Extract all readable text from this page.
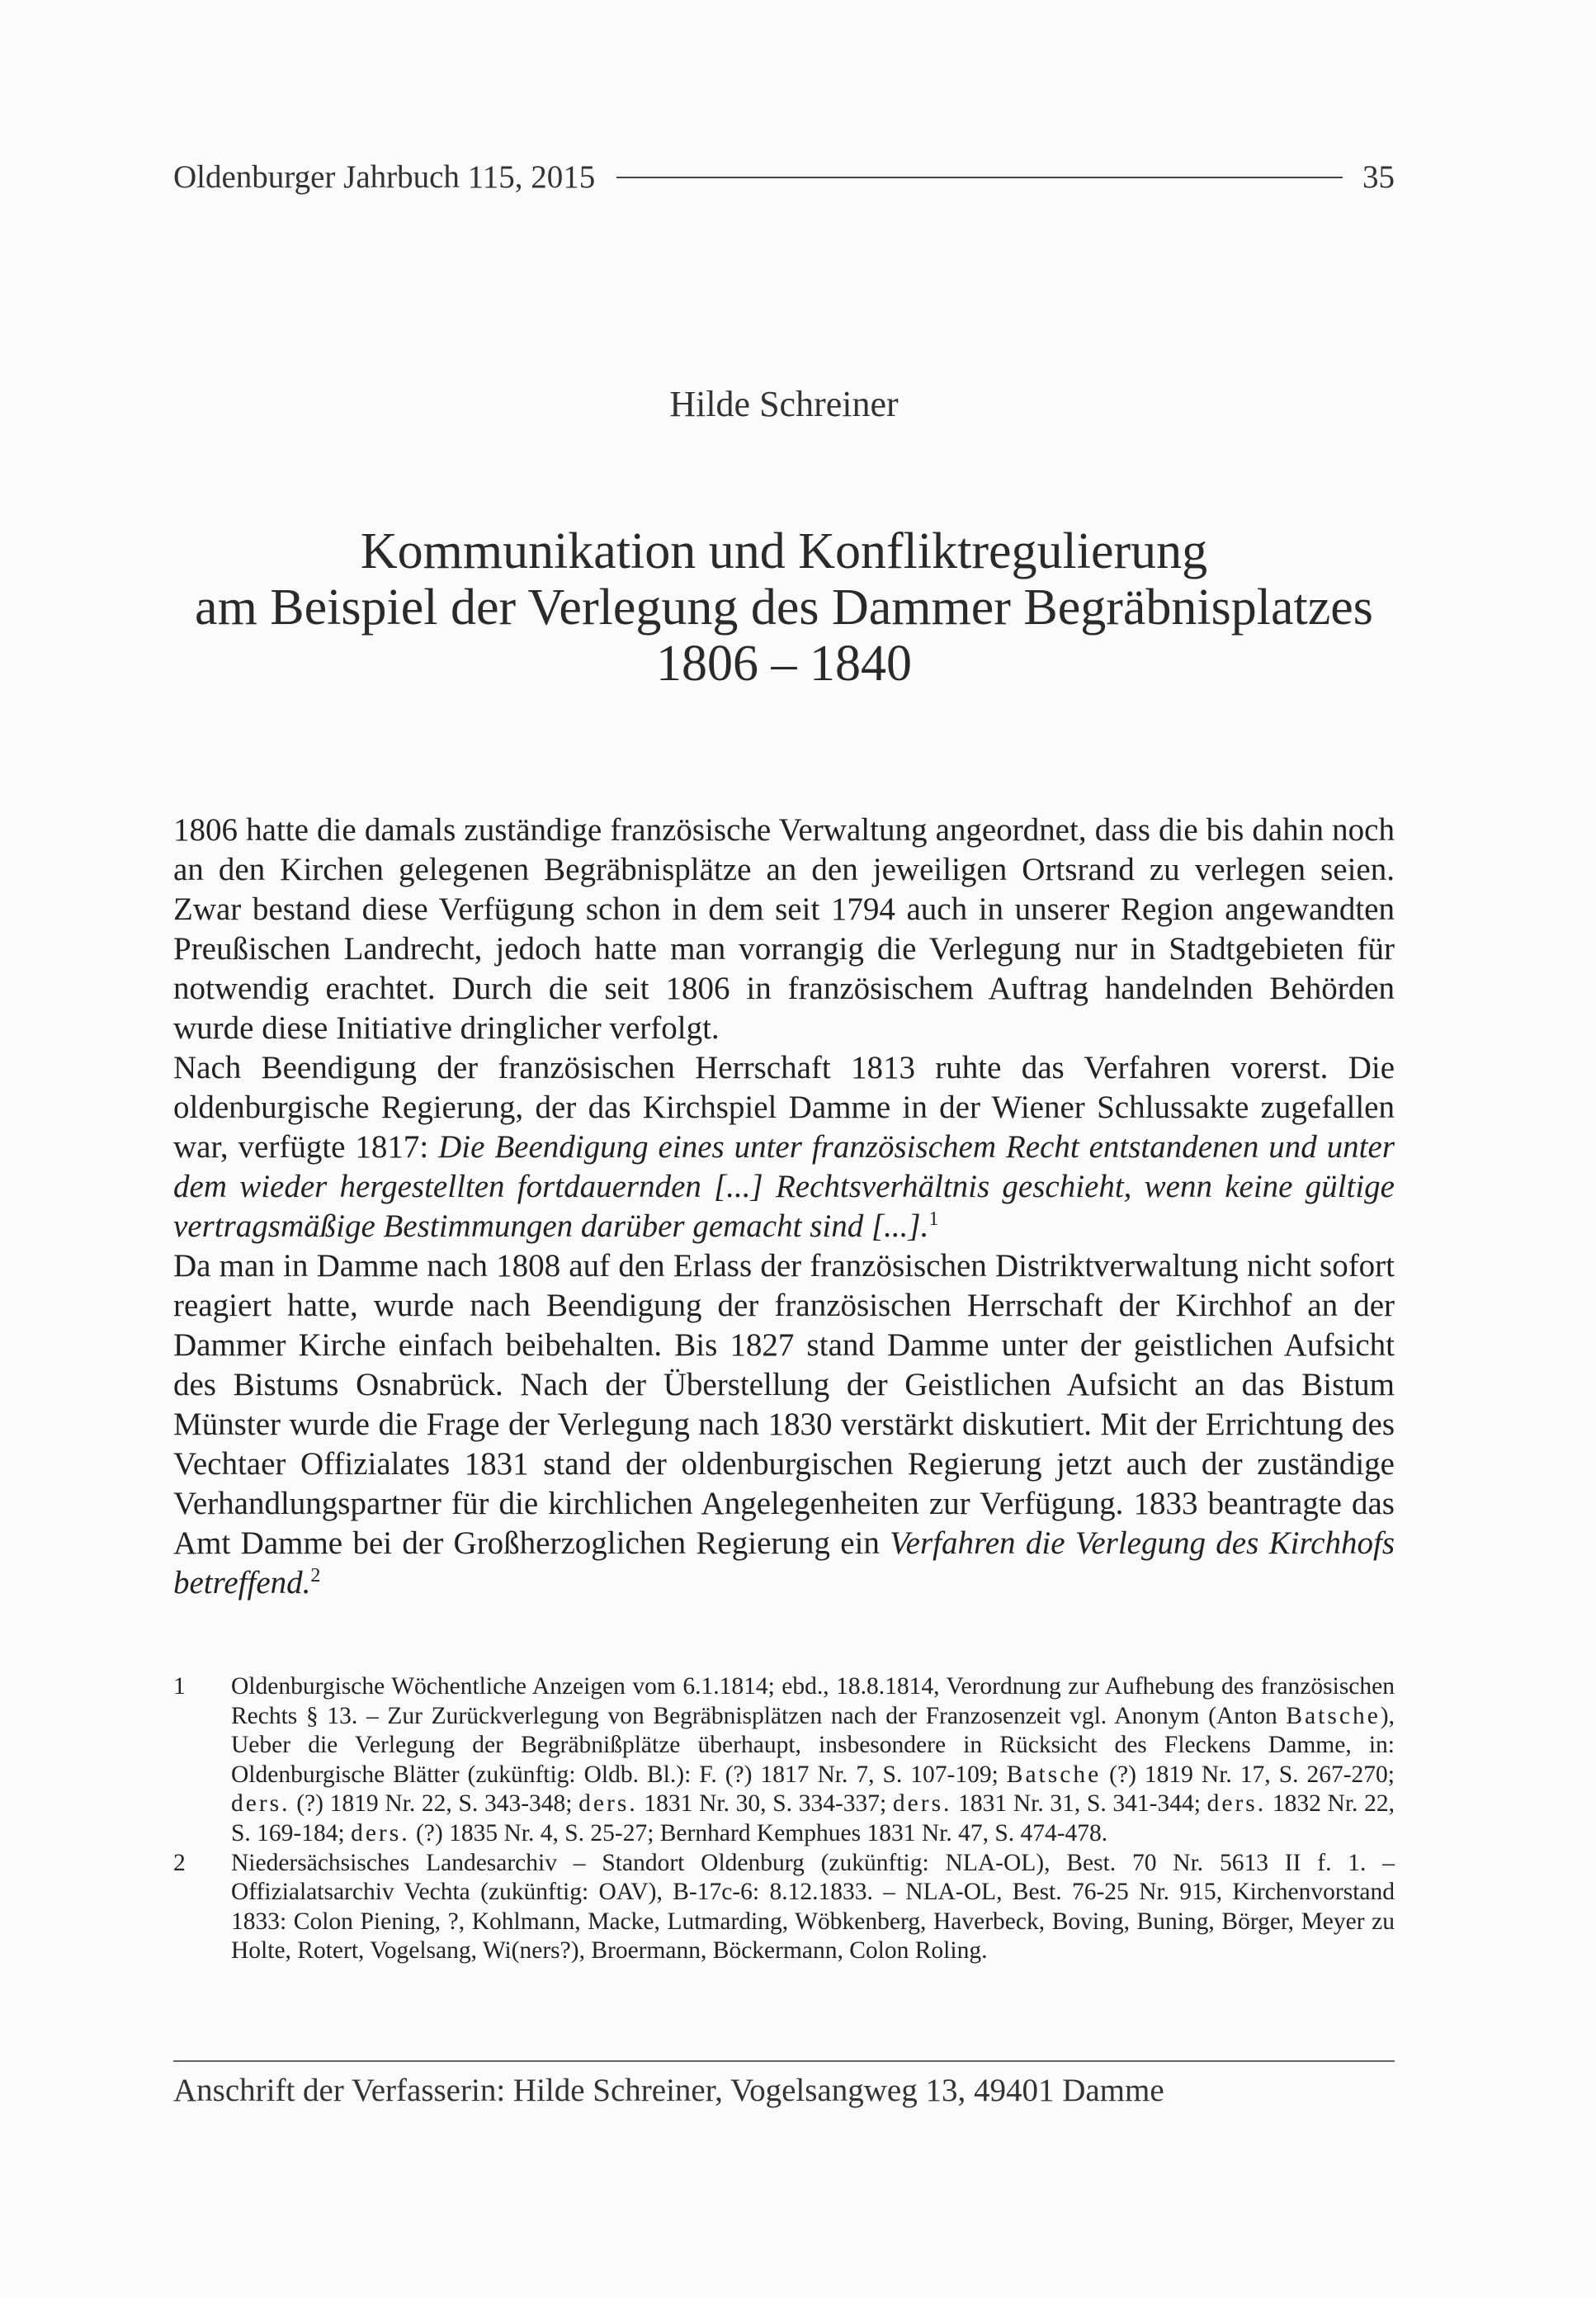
Oldenburger Jahrbuch 115, 2015	35
Hilde Schreiner
Kommunikation und Konfliktregulierung
am Beispiel der Verlegung des Dammer Begräbnisplatzes
1806 – 1840

1806 hatte die damals zuständige französische Verwaltung angeordnet, dass die bis dahin noch an den Kirchen gelegenen Begräbnisplätze an den jeweiligen Ortsrand zu verlegen seien. Zwar bestand diese Verfügung schon in dem seit 1794 auch in unserer Region angewandten Preußischen Landrecht, jedoch hatte man vorrangig die Verlegung nur in Stadtgebieten für notwendig erachtet. Durch die seit 1806 in französischem Auftrag handelnden Behörden wurde diese Initiative dringlicher verfolgt.

Nach Beendigung der französischen Herrschaft 1813 ruhte das Verfahren vorerst. Die oldenburgische Regierung, der das Kirchspiel Damme in der Wiener Schlussakte zugefallen war, verfügte 1817: Die Beendigung eines unter französischem Recht entstandenen und unter dem wieder hergestellten fortdauernden [...] Rechtsverhältnis geschieht, wenn keine gültige vertragsmäßige Bestimmungen darüber gemacht sind [...].$^1$

Da man in Damme nach 1808 auf den Erlass der französischen Distriktverwaltung nicht sofort reagiert hatte, wurde nach Beendigung der französischen Herrschaft der Kirchhof an der Dammer Kirche einfach beibehalten. Bis 1827 stand Damme unter der geistlichen Aufsicht des Bistums Osnabrück. Nach der Überstellung der Geistlichen Aufsicht an das Bistum Münster wurde die Frage der Verlegung nach 1830 verstärkt diskutiert. Mit der Errichtung des Vechtaer Offizialates 1831 stand der oldenburgischen Regierung jetzt auch der zuständige Verhandlungspartner für die kirchlichen Angelegenheiten zur Verfügung. 1833 beantragte das Amt Damme bei der Großherzoglichen Regierung ein Verfahren die Verlegung des Kirchhofs betreffend.$^2$

1	Oldenburgische Wöchentliche Anzeigen vom 6.1.1814; ebd., 18.8.1814, Verordnung zur Aufhebung des französischen Rechts § 13. – Zur Zurückverlegung von Begräbnisplätzen nach der Franzosenzeit vgl. Anonym (Anton Batsche), Ueber die Verlegung der Begräbnißplätze überhaupt, insbesondere in Rücksicht des Fleckens Damme, in: Oldenburgische Blätter (zukünftig: Oldb. Bl.): F. (?) 1817 Nr. 7, S. 107-109; Batsche (?) 1819 Nr. 17, S. 267-270; ders. (?) 1819 Nr. 22, S. 343-348; ders. 1831 Nr. 30, S. 334-337; ders. 1831 Nr. 31, S. 341-344; ders. 1832 Nr. 22, S. 169-184; ders. (?) 1835 Nr. 4, S. 25-27; Bernhard Kemphues 1831 Nr. 47, S. 474-478.
2	Niedersächsisches Landesarchiv – Standort Oldenburg (zukünftig: NLA-OL), Best. 70 Nr. 5613 II f. 1. – Offizialatsarchiv Vechta (zukünftig: OAV), B-17c-6: 8.12.1833. – NLA-OL, Best. 76-25 Nr. 915, Kirchenvorstand 1833: Colon Piening, ?, Kohlmann, Macke, Lutmarding, Wöbkenberg, Haverbeck, Boving, Buning, Börger, Meyer zu Holte, Rotert, Vogelsang, Wi(ners?), Broermann, Böckermann, Colon Roling.
Anschrift der Verfasserin: Hilde Schreiner, Vogelsangweg 13, 49401 Damme
